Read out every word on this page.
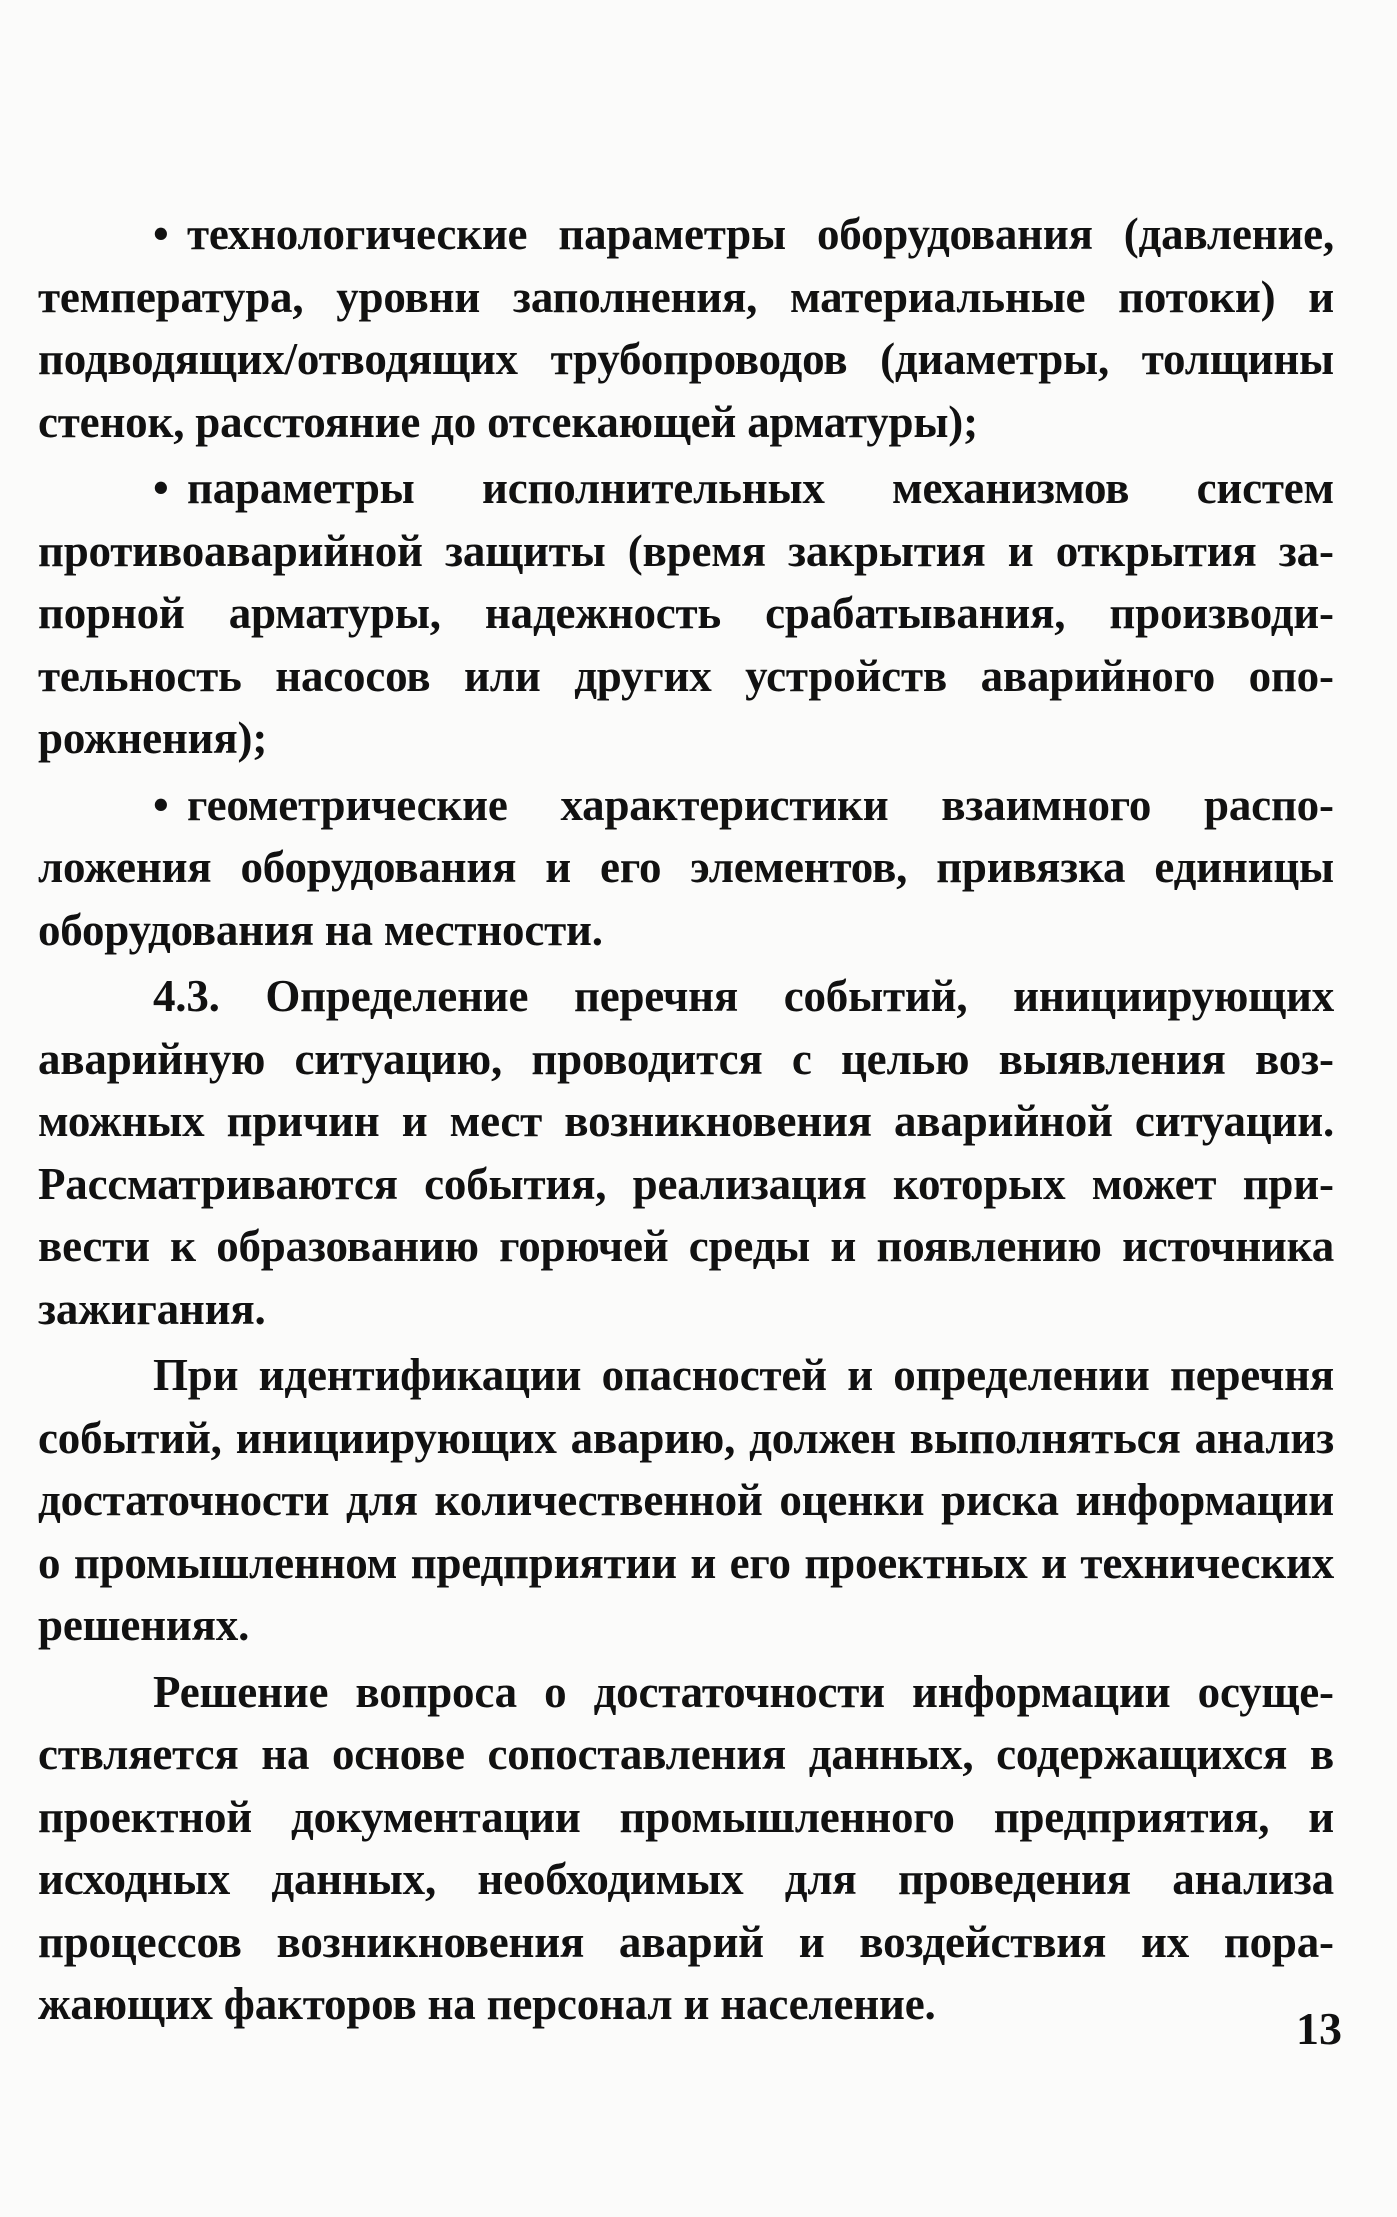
• технологические параметры оборудования (давление, температура, уровни заполнения, материальные потоки) и подводящих/отводящих трубопроводов (диаметры, толщины стенок, расстояние до отсекающей арматуры);

• параметры исполнительных механизмов систем противоаварийной защиты (время закрытия и открытия запорной арматуры, надежность срабатывания, производительность насосов или других устройств аварийного опорожнения);

• геометрические характеристики взаимного расположения оборудования и его элементов, привязка единицы оборудования на местности.

4.3. Определение перечня событий, инициирующих аварийную ситуацию, проводится с целью выявления возможных причин и мест возникновения аварийной ситуации. Рассматриваются события, реализация которых может привести к образованию горючей среды и появлению источника зажигания.

При идентификации опасностей и определении перечня событий, инициирующих аварию, должен выполняться анализ достаточности для количественной оценки риска информации о промышленном предприятии и его проектных и технических решениях.

Решение вопроса о достаточности информации осуществляется на основе сопоставления данных, содержащихся в проектной документации промышленного предприятия, и исходных данных, необходимых для проведения анализа процессов возникновения аварий и воздействия их поражающих факторов на персонал и население.	13
